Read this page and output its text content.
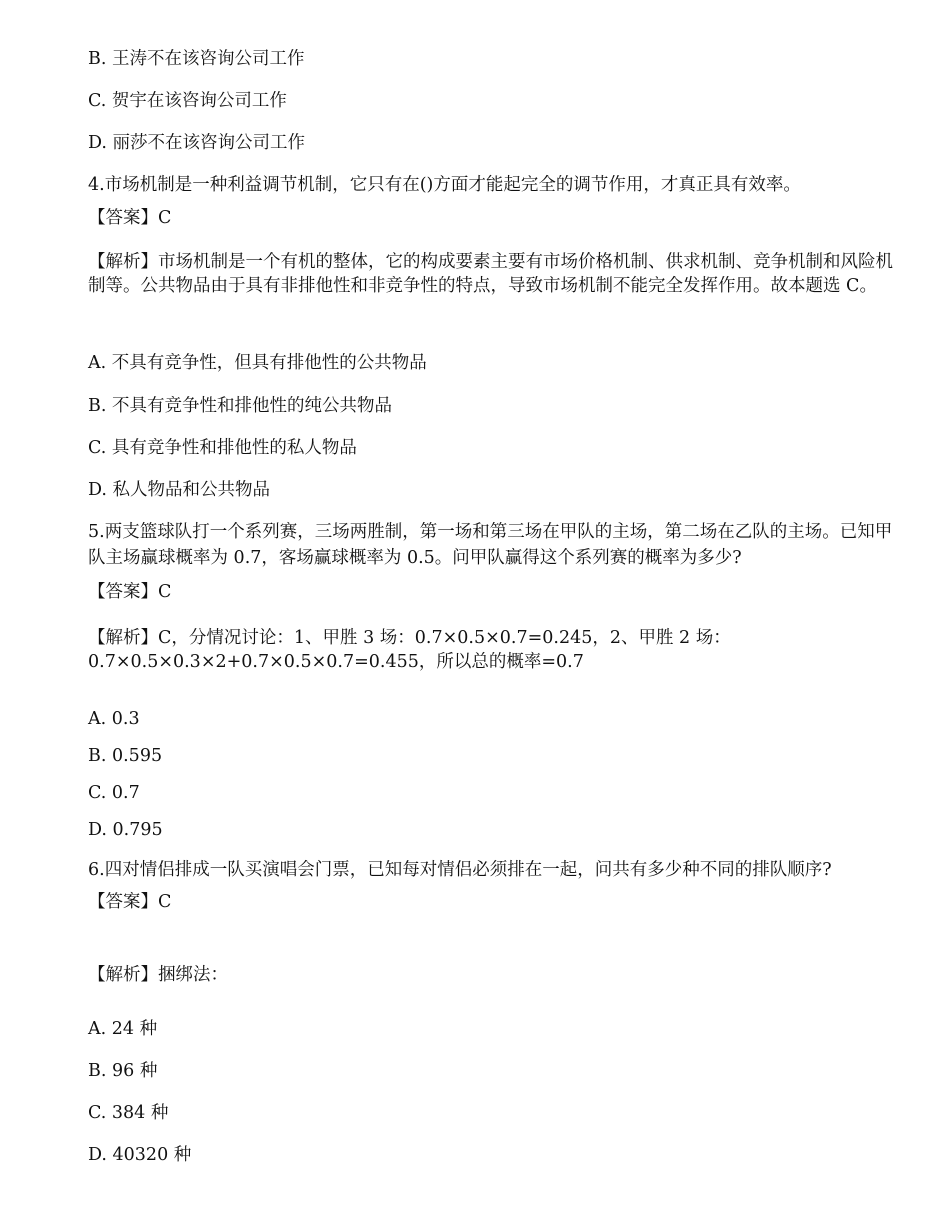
B. 王涛不在该咨询公司工作
C. 贺宇在该咨询公司工作
D. 丽莎不在该咨询公司工作
4.市场机制是一种利益调节机制，它只有在()方面才能起完全的调节作用，才真正具有效率。
【答案】C
【解析】市场机制是一个有机的整体，它的构成要素主要有市场价格机制、供求机制、竞争机制和风险机制等。公共物品由于具有非排他性和非竞争性的特点，导致市场机制不能完全发挥作用。故本题选 C。
A. 不具有竞争性，但具有排他性的公共物品
B. 不具有竞争性和排他性的纯公共物品
C. 具有竞争性和排他性的私人物品
D. 私人物品和公共物品
5.两支篮球队打一个系列赛，三场两胜制，第一场和第三场在甲队的主场，第二场在乙队的主场。已知甲队主场赢球概率为 0.7，客场赢球概率为 0.5。问甲队赢得这个系列赛的概率为多少?
【答案】C
【解析】C，分情况讨论：1、甲胜 3 场：0.7×0.5×0.7=0.245，2、甲胜 2 场：0.7×0.5×0.3×2+0.7×0.5×0.7=0.455，所以总的概率=0.7
A. 0.3
B. 0.595
C. 0.7
D. 0.795
6.四对情侣排成一队买演唱会门票，已知每对情侣必须排在一起，问共有多少种不同的排队顺序?
【答案】C
【解析】捆绑法：
A. 24 种
B. 96 种
C. 384 种
D. 40320 种
